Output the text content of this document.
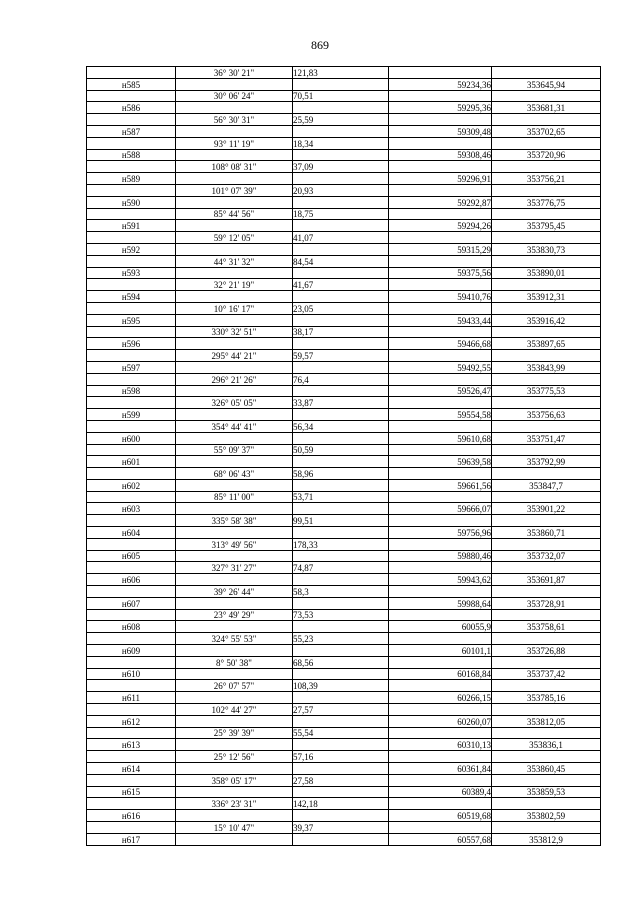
869
	36° 30' 21"	121,83		
н585			59234,36	353645,94
	30° 06' 24"	70,51		
н586			59295,36	353681,31
	56° 30' 31"	25,59		
н587			59309,48	353702,65
	93° 11' 19"	18,34		
н588			59308,46	353720,96
	108° 08' 31"	37,09		
н589			59296,91	353756,21
	101° 07' 39"	20,93		
н590			59292,87	353776,75
	85° 44' 56"	18,75		
н591			59294,26	353795,45
	59° 12' 05"	41,07		
н592			59315,29	353830,73
	44° 31' 32"	84,54		
н593			59375,56	353890,01
	32° 21' 19"	41,67		
н594			59410,76	353912,31
	10° 16' 17"	23,05		
н595			59433,44	353916,42
	330° 32' 51"	38,17		
н596			59466,68	353897,65
	295° 44' 21"	59,57		
н597			59492,55	353843,99
	296° 21' 26"	76,4		
н598			59526,47	353775,53
	326° 05' 05"	33,87		
н599			59554,58	353756,63
	354° 44' 41"	56,34		
н600			59610,68	353751,47
	55° 09' 37"	50,59		
н601			59639,58	353792,99
	68° 06' 43"	58,96		
н602			59661,56	353847,7
	85° 11' 00"	53,71		
н603			59666,07	353901,22
	335° 58' 38"	99,51		
н604			59756,96	353860,71
	313° 49' 56"	178,33		
н605			59880,46	353732,07
	327° 31' 27"	74,87		
н606			59943,62	353691,87
	39° 26' 44"	58,3		
н607			59988,64	353728,91
	23° 49' 29"	73,53		
н608			60055,9	353758,61
	324° 55' 53"	55,23		
н609			60101,1	353726,88
	8° 50' 38"	68,56		
н610			60168,84	353737,42
	26° 07' 57"	108,39		
н611			60266,15	353785,16
	102° 44' 27"	27,57		
н612			60260,07	353812,05
	25° 39' 39"	55,54		
н613			60310,13	353836,1
	25° 12' 56"	57,16		
н614			60361,84	353860,45
	358° 05' 17"	27,58		
н615			60389,4	353859,53
	336° 23' 31"	142,18		
н616			60519,68	353802,59
	15° 10' 47"	39,37		
н617			60557,68	353812,9
